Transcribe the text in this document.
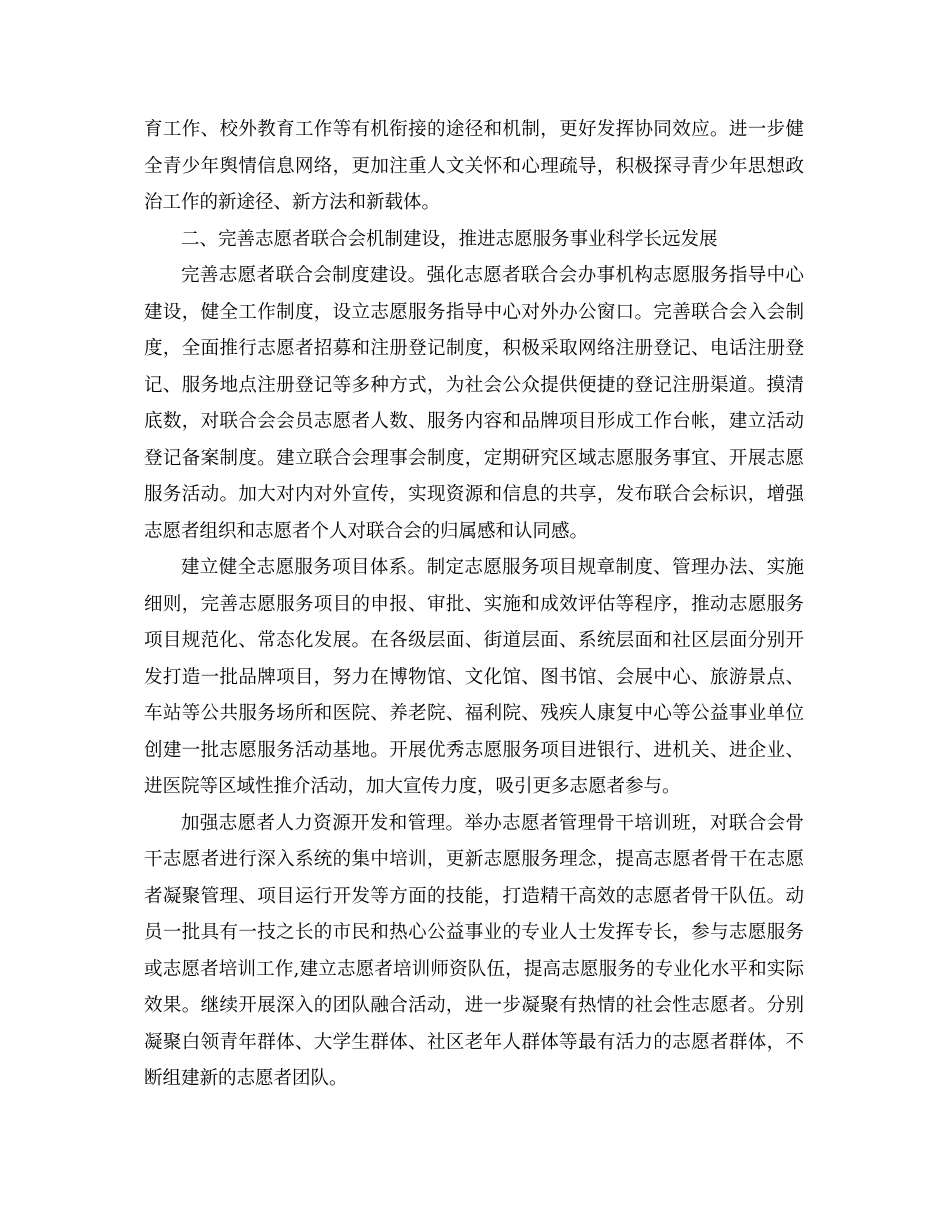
育工作、校外教育工作等有机衔接的途径和机制，更好发挥协同效应。进一步健
全青少年舆情信息网络，更加注重人文关怀和心理疏导，积极探寻青少年思想政
治工作的新途径、新方法和新载体。
二、完善志愿者联合会机制建设，推进志愿服务事业科学长远发展
完善志愿者联合会制度建设。强化志愿者联合会办事机构志愿服务指导中心
建设，健全工作制度，设立志愿服务指导中心对外办公窗口。完善联合会入会制
度，全面推行志愿者招募和注册登记制度，积极采取网络注册登记、电话注册登
记、服务地点注册登记等多种方式，为社会公众提供便捷的登记注册渠道。摸清
底数，对联合会会员志愿者人数、服务内容和品牌项目形成工作台帐，建立活动
登记备案制度。建立联合会理事会制度，定期研究区域志愿服务事宜、开展志愿
服务活动。加大对内对外宣传，实现资源和信息的共享，发布联合会标识，增强
志愿者组织和志愿者个人对联合会的归属感和认同感。
建立健全志愿服务项目体系。制定志愿服务项目规章制度、管理办法、实施
细则，完善志愿服务项目的申报、审批、实施和成效评估等程序，推动志愿服务
项目规范化、常态化发展。在各级层面、街道层面、系统层面和社区层面分别开
发打造一批品牌项目，努力在博物馆、文化馆、图书馆、会展中心、旅游景点、
车站等公共服务场所和医院、养老院、福利院、残疾人康复中心等公益事业单位
创建一批志愿服务活动基地。开展优秀志愿服务项目进银行、进机关、进企业、
进医院等区域性推介活动，加大宣传力度，吸引更多志愿者参与。
加强志愿者人力资源开发和管理。举办志愿者管理骨干培训班，对联合会骨
干志愿者进行深入系统的集中培训，更新志愿服务理念，提高志愿者骨干在志愿
者凝聚管理、项目运行开发等方面的技能，打造精干高效的志愿者骨干队伍。动
员一批具有一技之长的市民和热心公益事业的专业人士发挥专长，参与志愿服务
或志愿者培训工作,建立志愿者培训师资队伍，提高志愿服务的专业化水平和实际
效果。继续开展深入的团队融合活动，进一步凝聚有热情的社会性志愿者。分别
凝聚白领青年群体、大学生群体、社区老年人群体等最有活力的志愿者群体，不
断组建新的志愿者团队。
